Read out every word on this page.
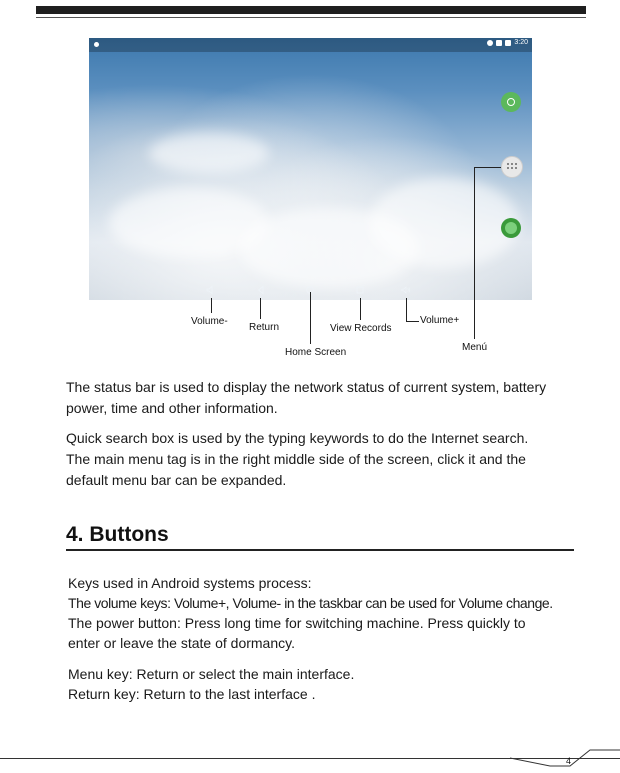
3:20
Volume-
Return
Home Screen
View Records
Volume+
Menú
The status bar is used to display the network status of current system, battery
power, time and other information.
Quick search box is used by the typing keywords to do the Internet search.
The main menu tag is in the right middle side of the screen, click it and the
default menu bar can be expanded.
4. Buttons
Keys used in Android systems process:
The volume keys: Volume+, Volume- in the taskbar can be used for Volume change.
The power button: Press long time for switching machine. Press quickly to
enter or leave the state of dormancy.
Menu key: Return or select the main interface.
Return key: Return to the last interface .
4
